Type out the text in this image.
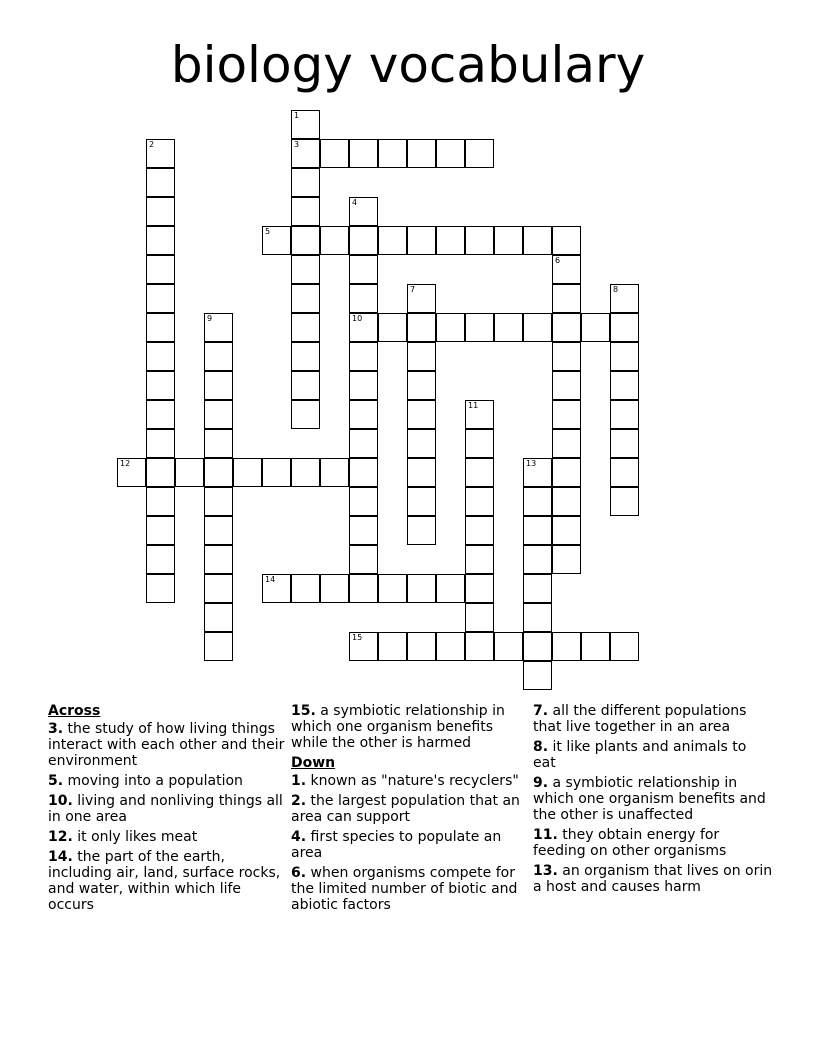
biology vocabulary
1
3
2
4
10
5
6
7	8
9
11
12	13
14
15
Across
3. the study of how living things interact with each other and their environment
5. moving into a population
10. living and nonliving things all in one area
12. it only likes meat
14. the part of the earth, including air, land, surface rocks, and water, within which life occurs
15. a symbiotic relationship in which one organism benefits while the other is harmed
Down
1. known as "nature's recyclers"
2. the largest population that an area can support
4. first species to populate an area
6. when organisms compete for the limited number of biotic and abiotic factors
7. all the different populations that live together in an area
8. it like plants and animals to eat
9. a symbiotic relationship in which one organism benefits and the other is unaffected
11. they obtain energy for feeding on other organisms
13. an organism that lives on orin a host and causes harm
